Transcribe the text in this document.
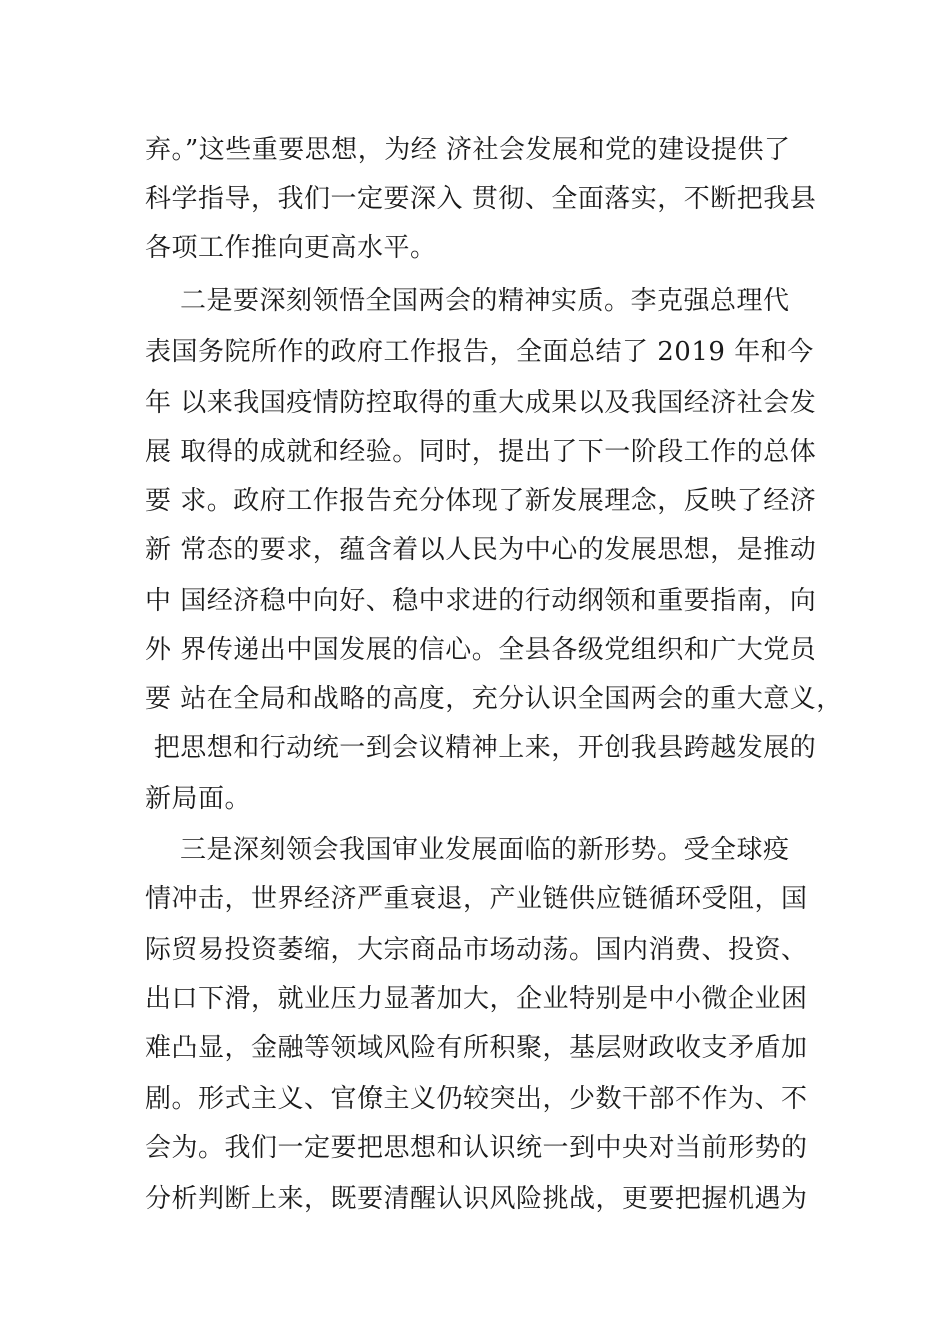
弃。”这些重要思想，为经 济社会发展和党的建设提供了
科学指导，我们一定要深入 贯彻、全面落实，不断把我县
各项工作推向更高水平。
二是要深刻领悟全国两会的精神实质。李克强总理代
表国务院所作的政府工作报告，全面总结了 2019 年和今
年 以来我国疫情防控取得的重大成果以及我国经济社会发
展 取得的成就和经验。同时，提出了下一阶段工作的总体
要 求。政府工作报告充分体现了新发展理念，反映了经济
新 常态的要求，蕴含着以人民为中心的发展思想，是推动
中 国经济稳中向好、稳中求进的行动纲领和重要指南，向
外 界传递出中国发展的信心。全县各级党组织和广大党员
要 站在全局和战略的高度，充分认识全国两会的重大意义，
把思想和行动统一到会议精神上来，开创我县跨越发展的
新局面。
三是深刻领会我国审业发展面临的新形势。受全球疫
情冲击，世界经济严重衰退，产业链供应链循环受阻，国
际贸易投资萎缩，大宗商品市场动荡。国内消费、投资、
出口下滑，就业压力显著加大，企业特别是中小微企业困
难凸显，金融等领域风险有所积聚，基层财政收支矛盾加
剧。形式主义、官僚主义仍较突出，少数干部不作为、不
会为。我们一定要把思想和认识统一到中央对当前形势的
分析判断上来，既要清醒认识风险挑战，更要把握机遇为
